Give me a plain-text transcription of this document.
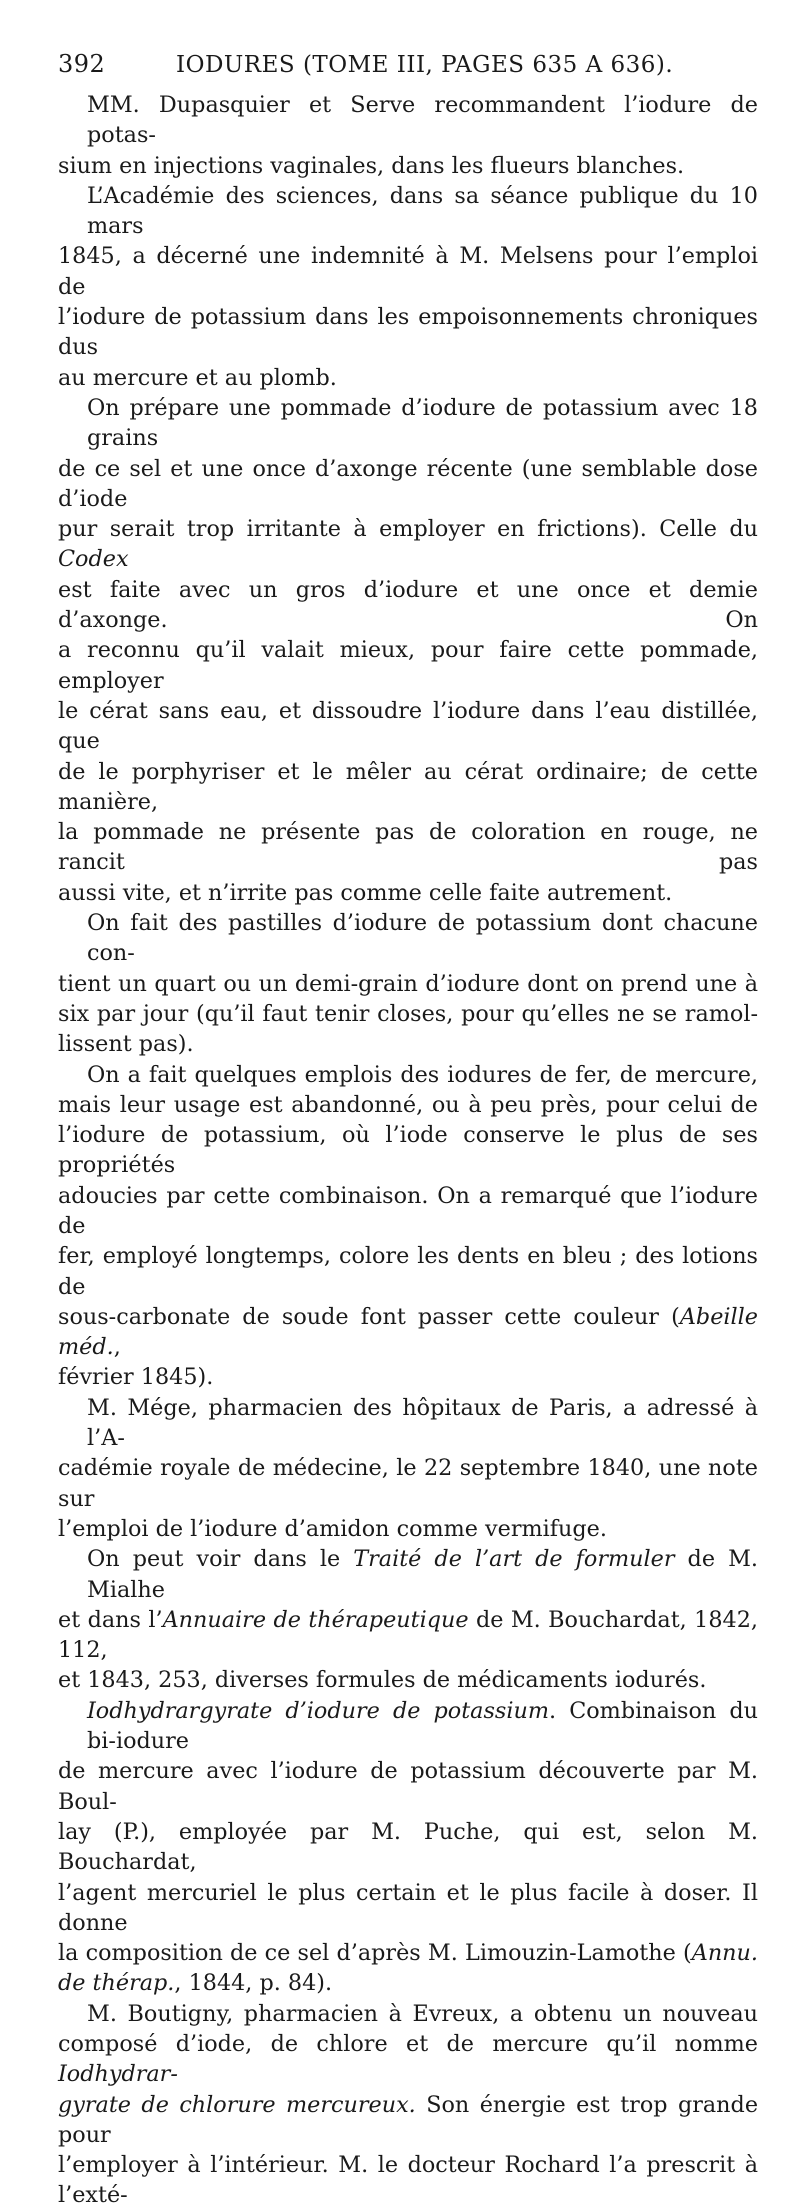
392	IODURES (TOME III, PAGES 635 A 636).
MM. Dupasquier et Serve recommandent l’iodure de potas-
sium en injections vaginales, dans les flueurs blanches.
L’Académie des sciences, dans sa séance publique du 10 mars
1845, a décerné une indemnité à M. Melsens pour l’emploi de
l’iodure de potassium dans les empoisonnements chroniques dus
au mercure et au plomb.
On prépare une pommade d’iodure de potassium avec 18 grains
de ce sel et une once d’axonge récente (une semblable dose d’iode
pur serait trop irritante à employer en frictions). Celle du Codex
est faite avec un gros d’iodure et une once et demie d’axonge. On
a reconnu qu’il valait mieux, pour faire cette pommade, employer
le cérat sans eau, et dissoudre l’iodure dans l’eau distillée, que
de le porphyriser et le mêler au cérat ordinaire; de cette manière,
la pommade ne présente pas de coloration en rouge, ne rancit pas
aussi vite, et n’irrite pas comme celle faite autrement.
On fait des pastilles d’iodure de potassium dont chacune con-
tient un quart ou un demi-grain d’iodure dont on prend une à
six par jour (qu’il faut tenir closes, pour qu’elles ne se ramol-
lissent pas).
On a fait quelques emplois des iodures de fer, de mercure,
mais leur usage est abandonné, ou à peu près, pour celui de
l’iodure de potassium, où l’iode conserve le plus de ses propriétés
adoucies par cette combinaison. On a remarqué que l’iodure de
fer, employé longtemps, colore les dents en bleu ; des lotions de
sous-carbonate de soude font passer cette couleur (Abeille méd.,
février 1845).
M. Mége, pharmacien des hôpitaux de Paris, a adressé à l’A-
cadémie royale de médecine, le 22 septembre 1840, une note sur
l’emploi de l’iodure d’amidon comme vermifuge.
On peut voir dans le Traité de l’art de formuler de M. Mialhe
et dans l’Annuaire de thérapeutique de M. Bouchardat, 1842, 112,
et 1843, 253, diverses formules de médicaments iodurés.
Iodhydrargyrate d’iodure de potassium. Combinaison du bi-iodure
de mercure avec l’iodure de potassium découverte par M. Boul-
lay (P.), employée par M. Puche, qui est, selon M. Bouchardat,
l’agent mercuriel le plus certain et le plus facile à doser. Il donne
la composition de ce sel d’après M. Limouzin-Lamothe (Annu.
de thérap., 1844, p. 84).
M. Boutigny, pharmacien à Evreux, a obtenu un nouveau
composé d’iode, de chlore et de mercure qu’il nomme Iodhydrar-
gyrate de chlorure mercureux. Son énergie est trop grande pour
l’employer à l’intérieur. M. le docteur Rochard l’a prescrit à l’exté-
